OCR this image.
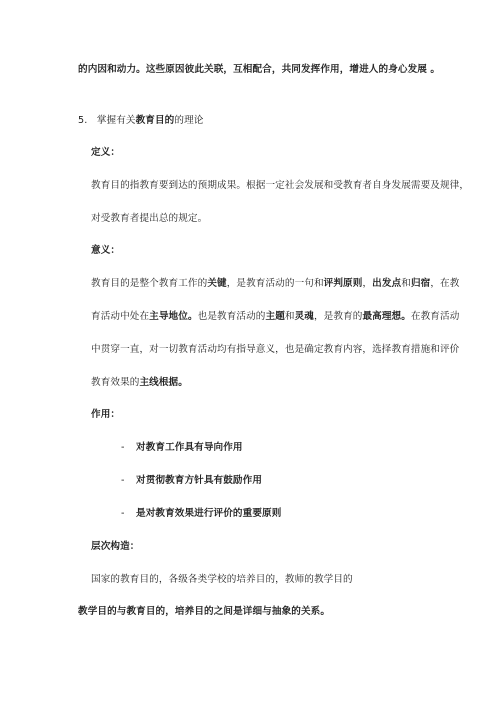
的内因和动力。这些原因彼此关联，互相配合，共同发挥作用，增进人的身心发展 。
5. 掌握有关教育目的的理论
定义：
教育目的指教育要到达的预期成果。根据一定社会发展和受教育者自身发展需要及规律，
对受教育者提出总的规定。
意义：
教育目的是整个教育工作的关键，是教育活动的一句和评判原则，出发点和归宿，在教
育活动中处在主导地位。也是教育活动的主题和灵魂，是教育的最高理想。在教育活动
中贯穿一直，对一切教育活动均有指导意义，也是确定教育内容，选择教育措施和评价
教育效果的主线根据。
作用：
- 对教育工作具有导向作用
- 对贯彻教育方针具有鼓励作用
- 是对教育效果进行评价的重要原则
层次构造：
国家的教育目的，各级各类学校的培养目的，教师的教学目的
教学目的与教育目的，培养目的之间是详细与抽象的关系。
